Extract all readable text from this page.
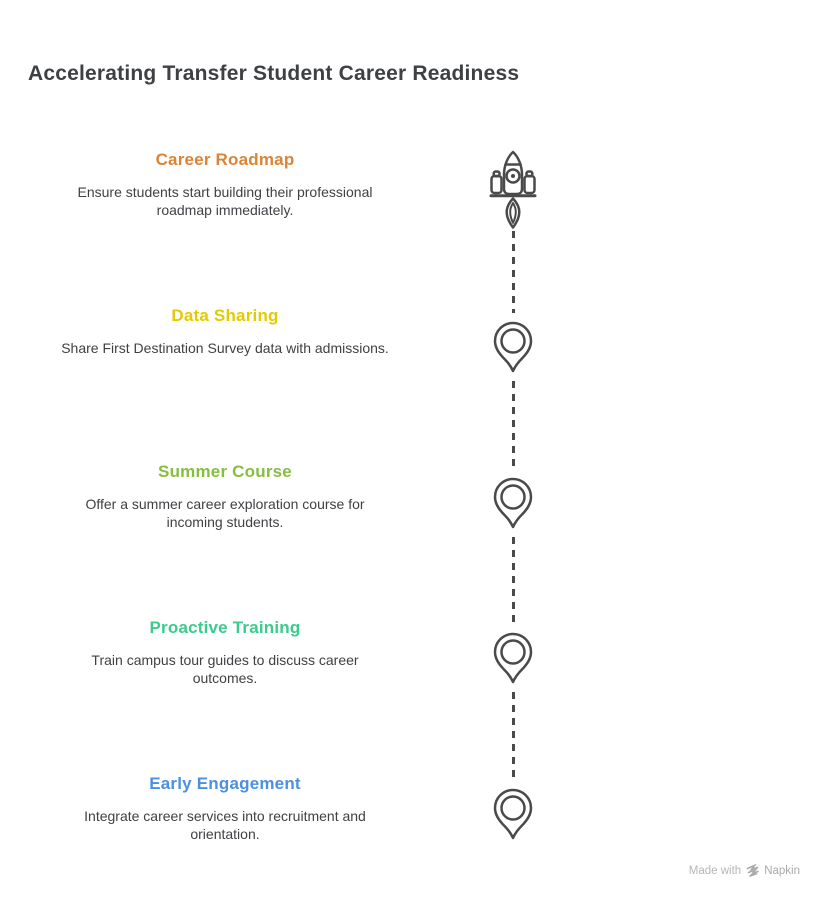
Accelerating Transfer Student Career Readiness
Career Roadmap

Ensure students start building their professional roadmap immediately.

Data Sharing

Share First Destination Survey data with admissions.

Summer Course

Offer a summer career exploration course for incoming students.

Proactive Training

Train campus tour guides to discuss career outcomes.

Early Engagement

Integrate career services into recruitment and orientation.

Made with Napkin
